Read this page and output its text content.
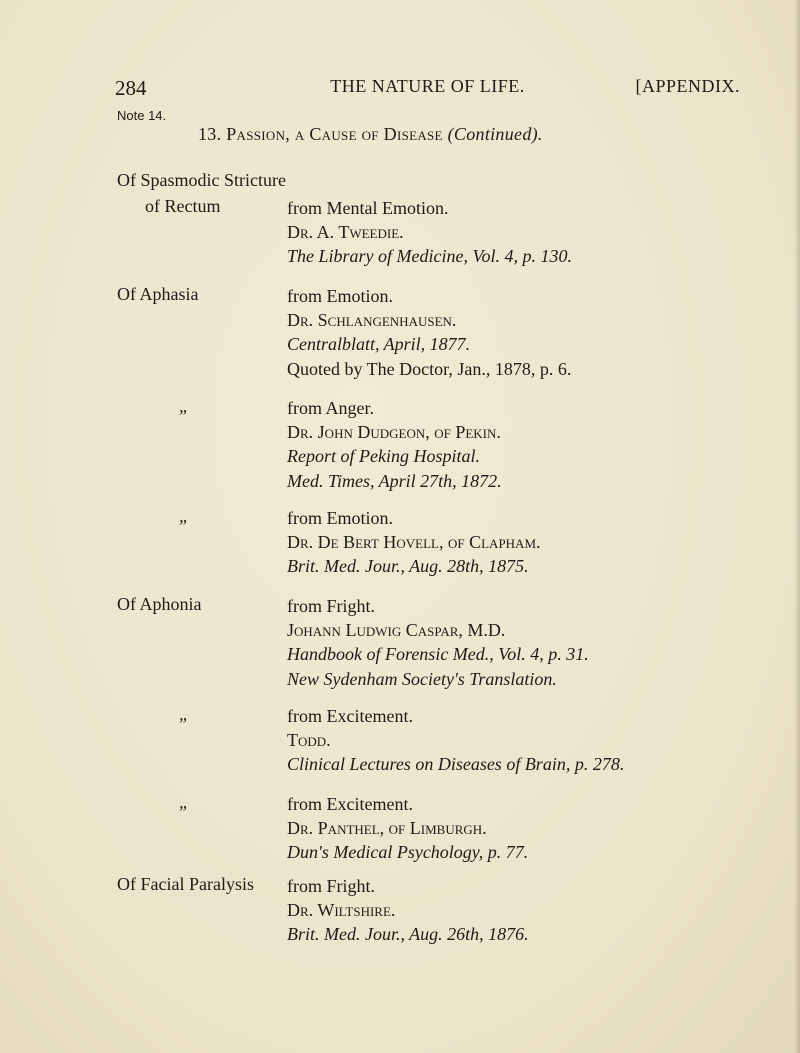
284	THE NATURE OF LIFE.	[APPENDIX.
Note 14.
13. Passion, a Cause of Disease (Continued).
Of Spasmodic Stricture
of Rectum	from Mental Emotion.
Dr. A. Tweedie.
The Library of Medicine, Vol. 4, p. 130.
Of Aphasia	from Emotion.
Dr. Schlangenhausen.
Centralblatt, April, 1877.
Quoted by The Doctor, Jan., 1878, p. 6.
„	from Anger.
Dr. John Dudgeon, of Pekin.
Report of Peking Hospital.
Med. Times, April 27th, 1872.
„	from Emotion.
Dr. De Bert Hovell, of Clapham.
Brit. Med. Jour., Aug. 28th, 1875.
Of Aphonia	from Fright.
Johann Ludwig Caspar, M.D.
Handbook of Forensic Med., Vol. 4, p. 31.
New Sydenham Society's Translation.
„	from Excitement.
Todd.
Clinical Lectures on Diseases of Brain, p. 278.
„	from Excitement.
Dr. Panthel, of Limburgh.
Dun's Medical Psychology, p. 77.
Of Facial Paralysis	from Fright.
Dr. Wiltshire.
Brit. Med. Jour., Aug. 26th, 1876.
